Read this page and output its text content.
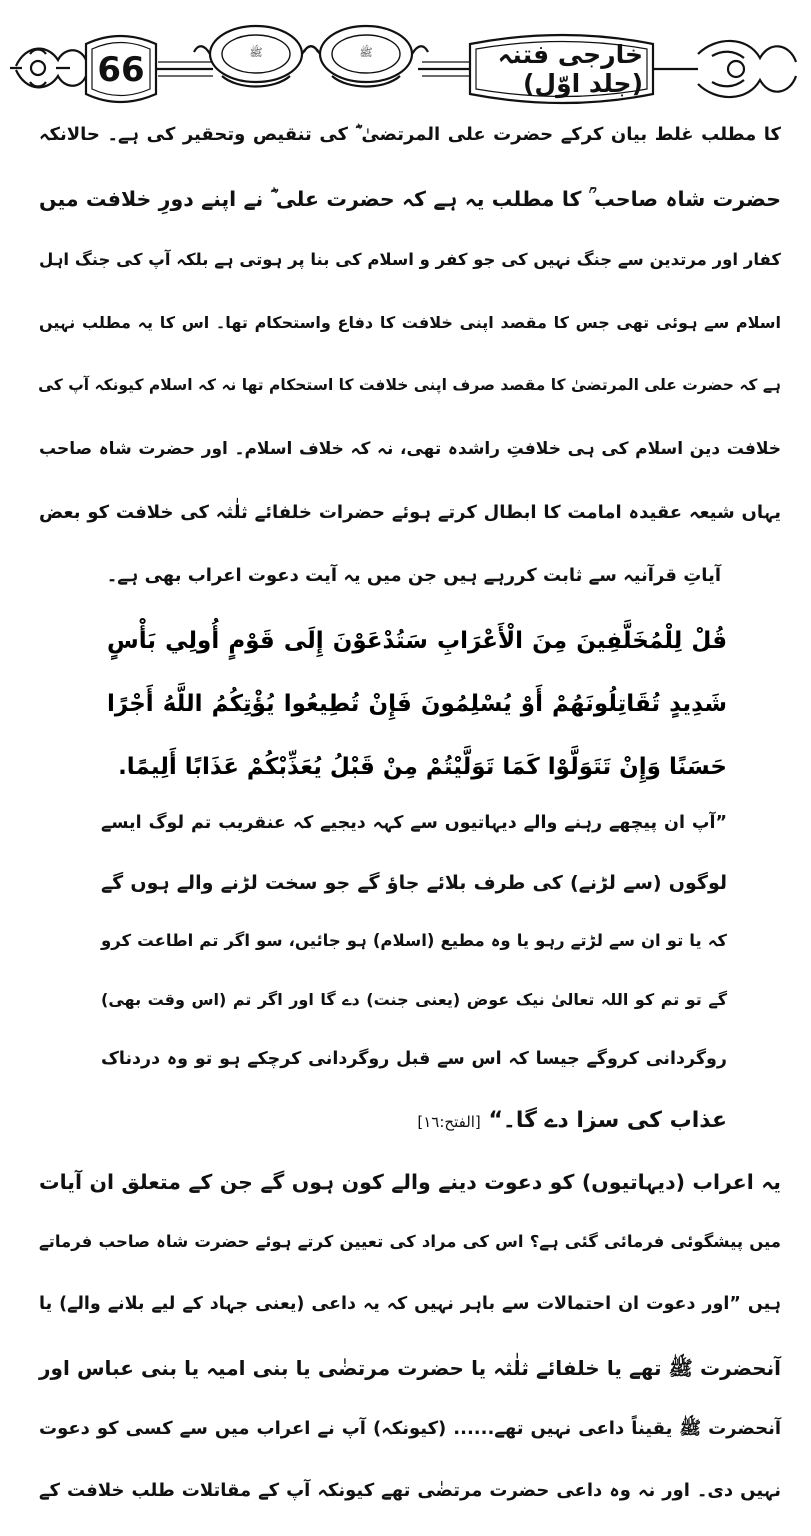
ﷺ	ﷺ
66	خارجی فتنہ (جلد اوّل)
کا مطلب غلط بیان کرکے حضرت علی المرتضیٰ ؓ کی تنقیص وتحقیر کی ہے۔ حالانکہ
حضرت شاہ صاحب ؒ کا مطلب یہ ہے کہ حضرت علی ؓ نے اپنے دورِ خلافت میں
کفار اور مرتدین سے جنگ نہیں کی جو کفر و اسلام کی بنا پر ہوتی ہے بلکہ آپ کی جنگ اہل
اسلام سے ہوئی تھی جس کا مقصد اپنی خلافت کا دفاع واستحکام تھا۔ اس کا یہ مطلب نہیں
ہے کہ حضرت علی المرتضیٰ کا مقصد صرف اپنی خلافت کا استحکام تھا نہ کہ اسلام کیونکہ آپ کی
خلافت دین اسلام کی ہی خلافتِ راشدہ تھی، نہ کہ خلاف اسلام۔ اور حضرت شاہ صاحب
یہاں شیعہ عقیدہ امامت کا ابطال کرتے ہوئے حضرات خلفائے ثلٰثہ کی خلافت کو بعض
آیاتِ قرآنیہ سے ثابت کررہے ہیں جن میں یہ آیت دعوت اعراب بھی ہے۔
قُلْ لِلْمُخَلَّفِينَ مِنَ الْأَعْرَابِ سَتُدْعَوْنَ إِلَى قَوْمٍ أُولِي بَأْسٍ
شَدِيدٍ تُقَاتِلُونَهُمْ أَوْ يُسْلِمُونَ فَإِنْ تُطِيعُوا يُؤْتِكُمُ اللَّهُ أَجْرًا
حَسَنًا وَإِنْ تَتَوَلَّوْا كَمَا تَوَلَّيْتُمْ مِنْ قَبْلُ يُعَذِّبْكُمْ عَذَابًا أَلِيمًا.
”آپ ان پیچھے رہنے والے دیہاتیوں سے کہہ دیجیے کہ عنقریب تم لوگ ایسے
لوگوں (سے لڑنے) کی طرف بلائے جاؤ گے جو سخت لڑنے والے ہوں گے
کہ یا تو ان سے لڑتے رہو یا وہ مطیع (اسلام) ہو جائیں، سو اگر تم اطاعت کرو
گے تو تم کو اللہ تعالیٰ نیک عوض (یعنی جنت) دے گا اور اگر تم (اس وقت بھی)
روگردانی کروگے جیسا کہ اس سے قبل روگردانی کرچکے ہو تو وہ دردناک
عذاب کی سزا دے گا۔“ [الفتح:١٦]
یہ اعراب (دیہاتیوں) کو دعوت دینے والے کون ہوں گے جن کے متعلق ان آیات
میں پیشگوئی فرمائی گئی ہے؟ اس کی مراد کی تعیین کرتے ہوئے حضرت شاہ صاحب فرماتے
ہیں ”اور دعوت ان احتمالات سے باہر نہیں کہ یہ داعی (یعنی جہاد کے لیے بلانے والے) یا
آنحضرت ﷺ تھے یا خلفائے ثلٰثہ یا حضرت مرتضٰی یا بنی امیہ یا بنی عباس اور
آنحضرت ﷺ یقیناً داعی نہیں تھے...... (کیونکہ) آپ نے اعراب میں سے کسی کو دعوت
نہیں دی۔ اور نہ وہ داعی حضرت مرتضٰی تھے کیونکہ آپ کے مقاتلات طلب خلافت کے
